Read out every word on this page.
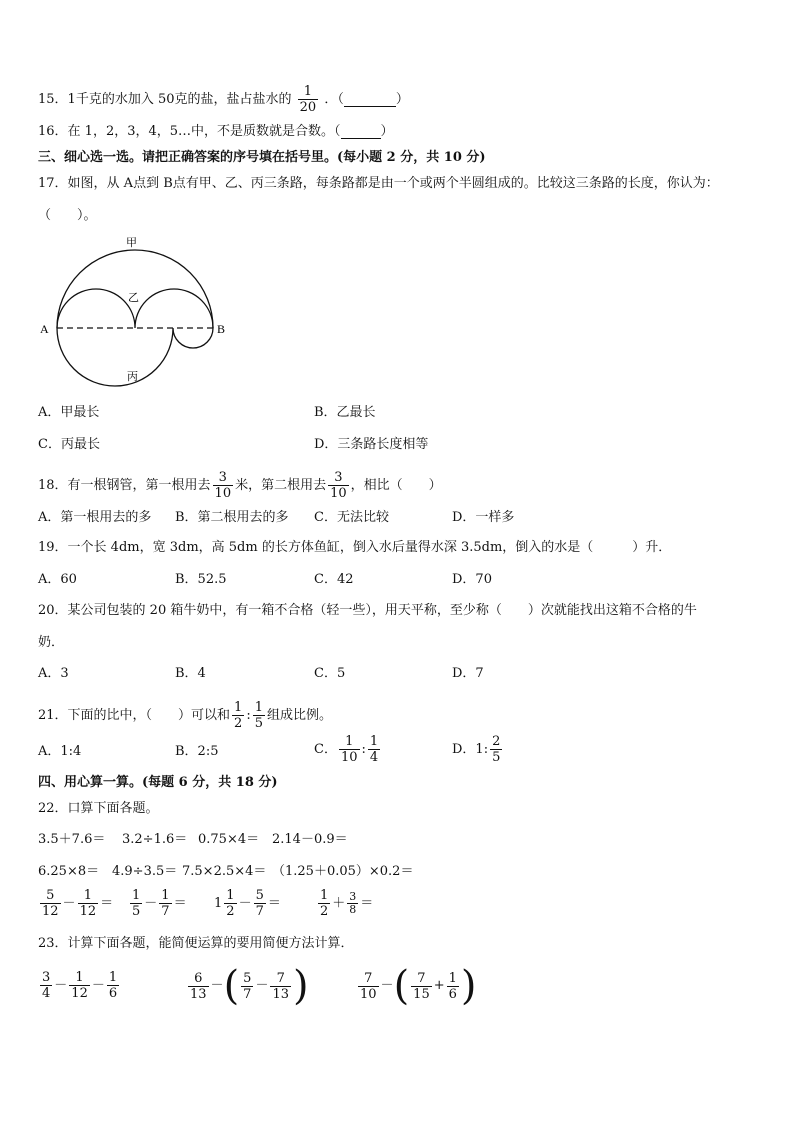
15．1千克的水加入 50克的盐，盐占盐水的 $\frac{1}{20}$ ．（	）
16．在 1，2，3，4，5…中，不是质数就是合数。（	）
三、细心选一选。请把正确答案的序号填在括号里。(每小题 2 分，共 10 分)
17．如图，从 A点到 B点有甲、乙、丙三条路，每条路都是由一个或两个半圆组成的。比较这三条路的长度，你认为：
（　　）。
A	B
甲
乙
丙
A．甲最长	B．乙最长
C．丙最长	D．三条路长度相等
18．有一根钢管，第一根用去 $\frac{3}{10}$ 米，第二根用去 $\frac{3}{10}$ ，相比（　　）
A．第一根用去的多 B．第二根用去的多 C．无法比较	D．一样多
19．一个长 4dm，宽 3dm，高 5dm 的长方体鱼缸，倒入水后量得水深 3.5dm，倒入的水是（　　　）升．
A．60	B．52.5	C．42	D．70
20．某公司包装的 20 箱牛奶中，有一箱不合格（轻一些），用天平称，至少称（　　）次就能找出这箱不合格的牛
奶．
A．3	B．4	C．5	D．7
21．下面的比中，（　　）可以和 $\frac{1}{2}$ : $\frac{1}{5}$ 组成比例。
A．1:4	B．2:5	C． $\frac{1}{10}$ : $\frac{1}{4}$	D．1: $\frac{2}{5}$
四、用心算一算。(每题 6 分，共 18 分)
22．口算下面各题。
3.5＋7.6＝ 3.2÷1.6＝ 0.75×4＝ 2.14－0.9＝
6.25×8＝ 4.9÷3.5＝ 7.5×2.5×4＝ （1.25＋0.05）×0.2＝
$\frac{5}{12} - \frac{1}{12} = \frac{1}{5} - \frac{1}{7} = 1 \frac{1}{2} - \frac{5}{7}$ ＝	$\frac{1}{2} + \frac{3}{8}$ ＝
23．计算下面各题，能简便运算的要用简便方法计算．
$\frac{3}{4} - \frac{1}{12} - \frac{1}{6}$	$\frac{6}{13}$ － ( $\frac{5}{7} - \frac{7}{13}$ )	$\frac{7}{10}$ － ( $\frac{7}{15} + \frac{1}{6}$ )
